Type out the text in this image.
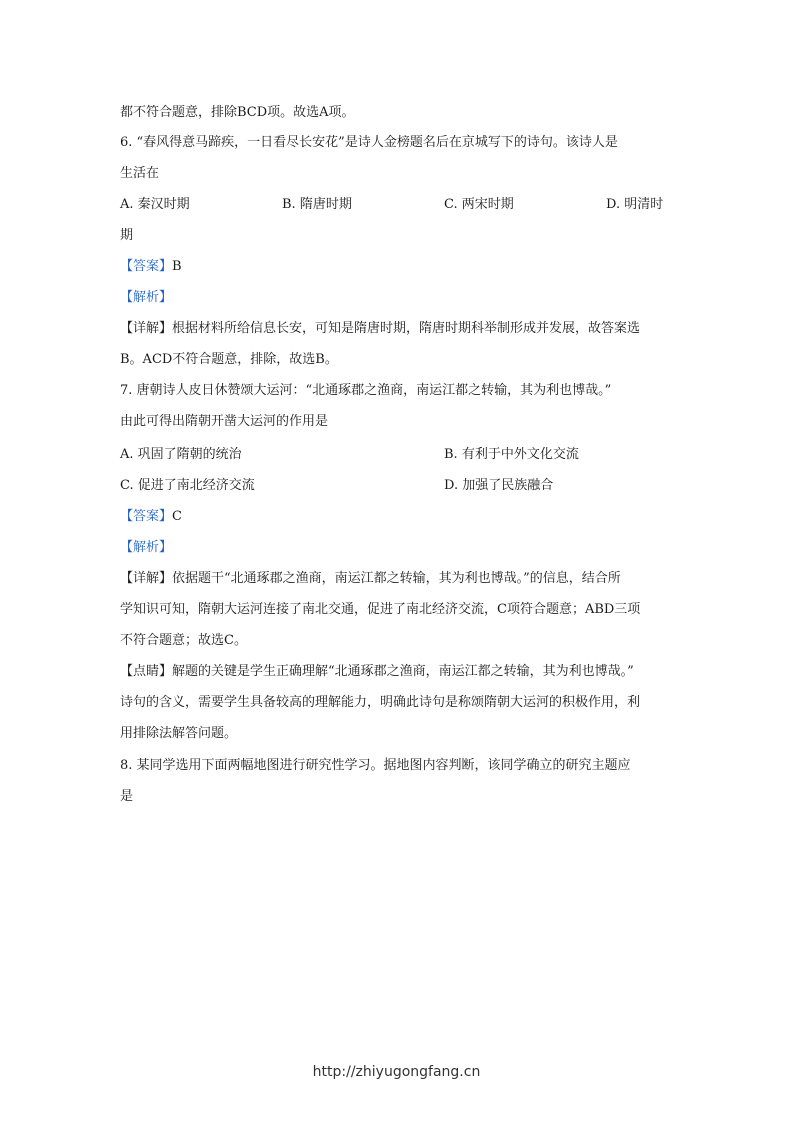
都不符合题意，排除BCD项。故选A项。
6. “春风得意马蹄疾，一日看尽长安花”是诗人金榜题名后在京城写下的诗句。该诗人是
生活在
A. 秦汉时期	B. 隋唐时期	C. 两宋时期	D. 明清时
期
【答案】B
【解析】
【详解】根据材料所给信息长安，可知是隋唐时期，隋唐时期科举制形成并发展，故答案选
B。ACD不符合题意，排除，故选B。
7. 唐朝诗人皮日休赞颂大运河：“北通琢郡之渔商，南运江都之转输，其为利也博哉。”
由此可得出隋朝开凿大运河的作用是
A. 巩固了隋朝的统治	B. 有利于中外文化交流
C. 促进了南北经济交流	D. 加强了民族融合
【答案】C
【解析】
【详解】依据题干“北通琢郡之渔商，南运江都之转输，其为利也博哉。”的信息，结合所
学知识可知，隋朝大运河连接了南北交通，促进了南北经济交流，C项符合题意；ABD三项
不符合题意；故选C。
【点睛】解题的关键是学生正确理解“北通琢郡之渔商，南运江都之转输，其为利也博哉。”
诗句的含义，需要学生具备较高的理解能力，明确此诗句是称颂隋朝大运河的积极作用，利
用排除法解答问题。
8. 某同学选用下面两幅地图进行研究性学习。据地图内容判断，该同学确立的研究主题应
是
http://zhiyugongfang.cn
